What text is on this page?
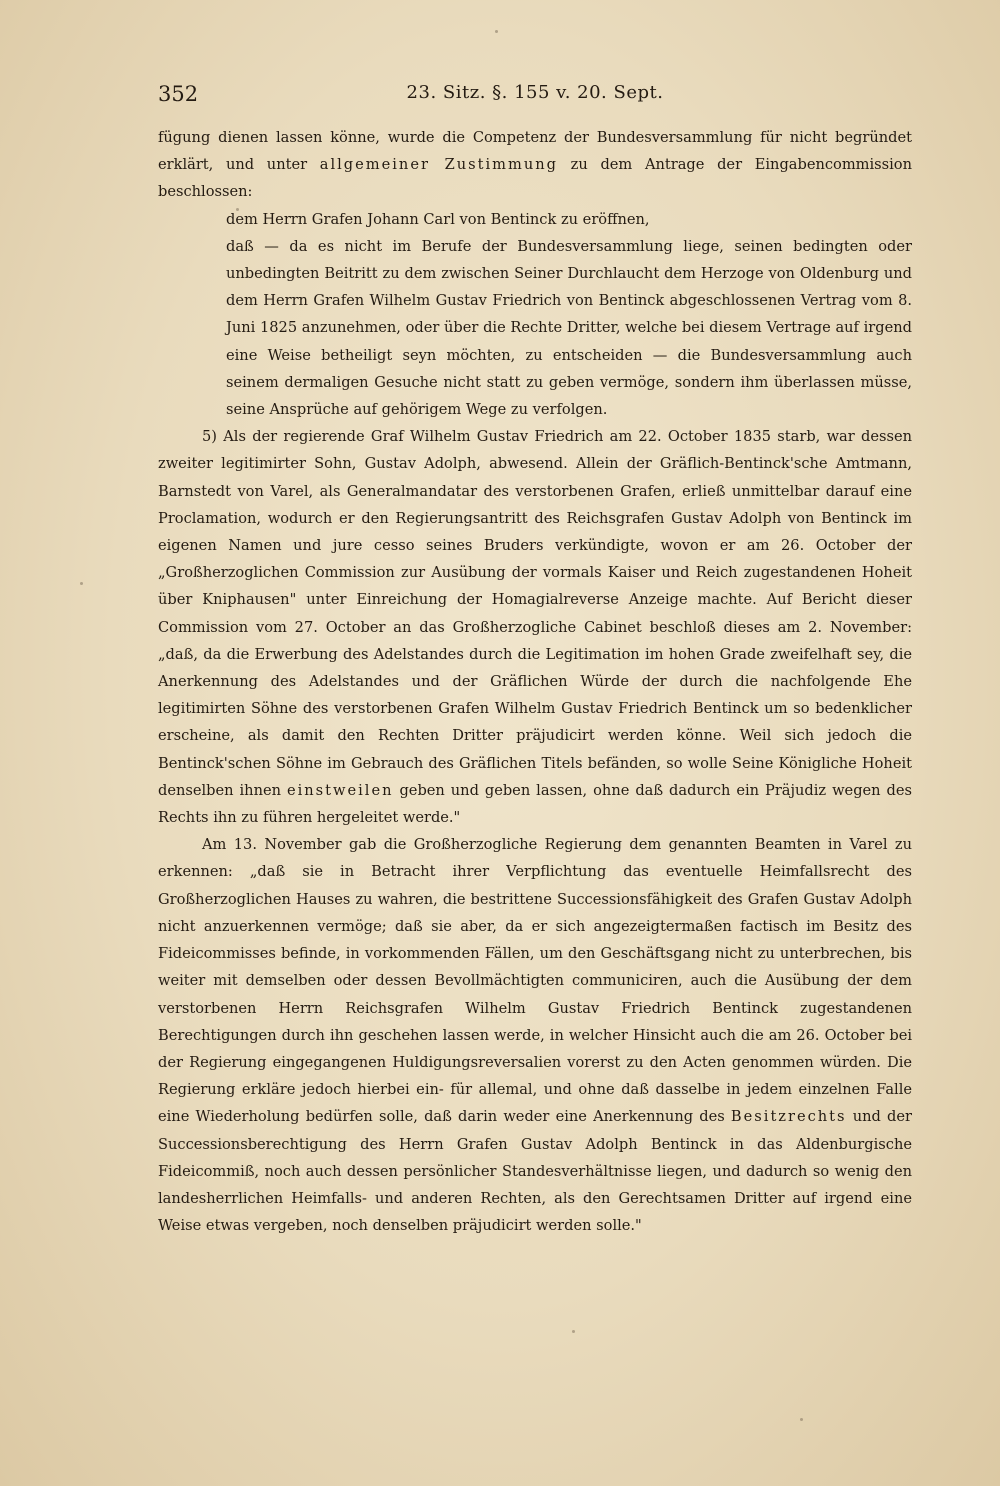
352	23. Sitz. §. 155 v. 20. Sept.

fügung dienen lassen könne, wurde die Competenz der Bundesversammlung für nicht begründet erklärt, und unter allgemeiner Zustimmung zu dem Antrage der Eingabencommission beschlossen:

dem Herrn Grafen Johann Carl von Bentinck zu eröffnen,

daß — da es nicht im Berufe der Bundesversammlung liege, seinen bedingten oder unbedingten Beitritt zu dem zwischen Seiner Durchlaucht dem Herzoge von Oldenburg und dem Herrn Grafen Wilhelm Gustav Friedrich von Bentinck abgeschlossenen Vertrag vom 8. Juni 1825 anzunehmen, oder über die Rechte Dritter, welche bei diesem Vertrage auf irgend eine Weise betheiligt seyn möchten, zu entscheiden — die Bundesversammlung auch seinem dermaligen Gesuche nicht statt zu geben vermöge, sondern ihm überlassen müsse, seine Ansprüche auf gehörigem Wege zu verfolgen.

5) Als der regierende Graf Wilhelm Gustav Friedrich am 22. October 1835 starb, war dessen zweiter legitimirter Sohn, Gustav Adolph, abwesend. Allein der Gräflich-Bentinck'sche Amtmann, Barnstedt von Varel, als Generalmandatar des verstorbenen Grafen, erließ unmittelbar darauf eine Proclamation, wodurch er den Regierungsantritt des Reichsgrafen Gustav Adolph von Bentinck im eigenen Namen und jure cesso seines Bruders verkündigte, wovon er am 26. October der „Großherzoglichen Commission zur Ausübung der vormals Kaiser und Reich zugestandenen Hoheit über Kniphausen" unter Einreichung der Homagialreverse Anzeige machte. Auf Bericht dieser Commission vom 27. October an das Großherzogliche Cabinet beschloß dieses am 2. November: „daß, da die Erwerbung des Adelstandes durch die Legitimation im hohen Grade zweifelhaft sey, die Anerkennung des Adelstandes und der Gräflichen Würde der durch die nachfolgende Ehe legitimirten Söhne des verstorbenen Grafen Wilhelm Gustav Friedrich Bentinck um so bedenklicher erscheine, als damit den Rechten Dritter präjudicirt werden könne. Weil sich jedoch die Bentinck'schen Söhne im Gebrauch des Gräflichen Titels befänden, so wolle Seine Königliche Hoheit denselben ihnen einstweilen geben und geben lassen, ohne daß dadurch ein Präjudiz wegen des Rechts ihn zu führen hergeleitet werde."

Am 13. November gab die Großherzogliche Regierung dem genannten Beamten in Varel zu erkennen: „daß sie in Betracht ihrer Verpflichtung das eventuelle Heimfallsrecht des Großherzoglichen Hauses zu wahren, die bestrittene Successionsfähigkeit des Grafen Gustav Adolph nicht anzuerkennen vermöge; daß sie aber, da er sich angezeigtermaßen factisch im Besitz des Fideicommisses befinde, in vorkommenden Fällen, um den Geschäftsgang nicht zu unterbrechen, bis weiter mit demselben oder dessen Bevollmächtigten communiciren, auch die Ausübung der dem verstorbenen Herrn Reichsgrafen Wilhelm Gustav Friedrich Bentinck zugestandenen Berechtigungen durch ihn geschehen lassen werde, in welcher Hinsicht auch die am 26. October bei der Regierung eingegangenen Huldigungsreversalien vorerst zu den Acten genommen würden. Die Regierung erkläre jedoch hierbei ein- für allemal, und ohne daß dasselbe in jedem einzelnen Falle eine Wiederholung bedürfen solle, daß darin weder eine Anerkennung des Besitzrechts und der Successionsberechtigung des Herrn Grafen Gustav Adolph Bentinck in das Aldenburgische Fideicommiß, noch auch dessen persönlicher Standesverhältnisse liegen, und dadurch so wenig den landesherrlichen Heimfalls- und anderen Rechten, als den Gerechtsamen Dritter auf irgend eine Weise etwas vergeben, noch denselben präjudicirt werden solle."
